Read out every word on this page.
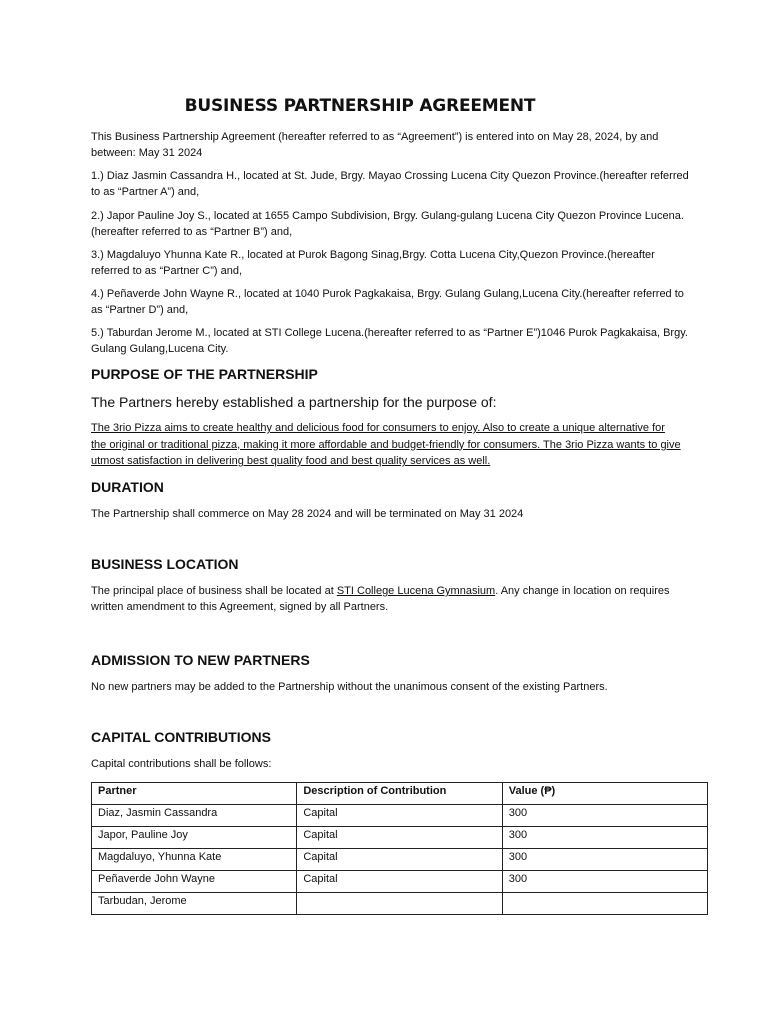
BUSINESS PARTNERSHIP AGREEMENT

This Business Partnership Agreement (hereafter referred to as “Agreement”) is entered into on May 28, 2024, by and between: May 31 2024

1.) Diaz Jasmin Cassandra H., located at St. Jude, Brgy. Mayao Crossing Lucena City Quezon Province.(hereafter referred to as “Partner A”) and,

2.) Japor Pauline Joy S., located at 1655 Campo Subdivision, Brgy. Gulang-gulang Lucena City Quezon Province Lucena.(hereafter referred to as “Partner B”) and,

3.) Magdaluyo Yhunna Kate R., located at Purok Bagong Sinag,Brgy. Cotta Lucena City,Quezon Province.(hereafter referred to as “Partner C”) and,

4.) Peñaverde John Wayne R., located at 1040 Purok Pagkakaisa, Brgy. Gulang Gulang,Lucena City.(hereafter referred to as “Partner D”) and,

5.) Taburdan Jerome M., located at STI College Lucena.(hereafter referred to as “Partner E”)1046 Purok Pagkakaisa, Brgy. Gulang Gulang,Lucena City.

PURPOSE OF THE PARTNERSHIP
The Partners hereby established a partnership for the purpose of:

The 3rio Pizza aims to create healthy and delicious food for consumers to enjoy. Also to create a unique alternative for the original or traditional pizza, making it more affordable and budget-friendly for consumers. The 3rio Pizza wants to give utmost satisfaction in delivering best quality food and best quality services as well.

DURATION

The Partnership shall commerce on May 28 2024 and will be terminated on May 31 2024

BUSINESS LOCATION

The principal place of business shall be located at STI College Lucena Gymnasium. Any change in location on requires written amendment to this Agreement, signed by all Partners.

ADMISSION TO NEW PARTNERS

No new partners may be added to the Partnership without the unanimous consent of the existing Partners.

CAPITAL CONTRIBUTIONS

Capital contributions shall be follows:

Partner	Description of Contribution	Value (₱)
Diaz, Jasmin Cassandra	Capital	300
Japor, Pauline Joy	Capital	300
Magdaluyo, Yhunna Kate	Capital	300
Peñaverde John Wayne	Capital	300
Tarbudan, Jerome		
